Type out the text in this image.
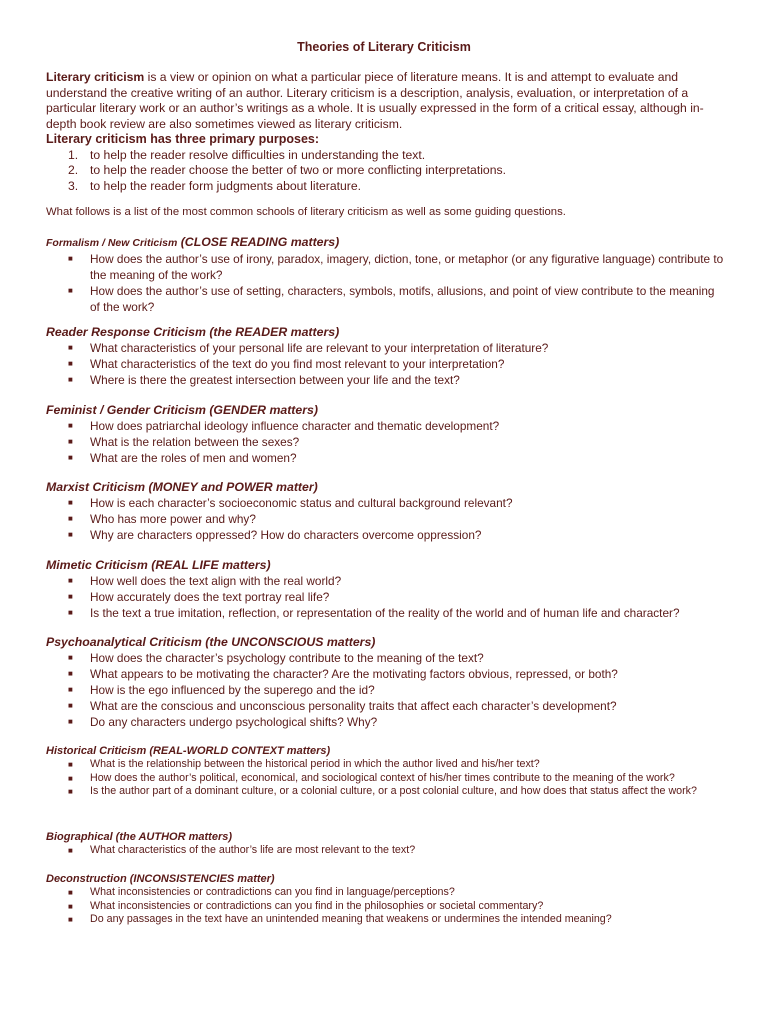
Theories of Literary Criticism
Literary criticism is a view or opinion on what a particular piece of literature means. It is and attempt to evaluate and understand the creative writing of an author. Literary criticism is a description, analysis, evaluation, or interpretation of a particular literary work or an author’s writings as a whole. It is usually expressed in the form of a critical essay, although in-depth book review are also sometimes viewed as literary criticism.
Literary criticism has three primary purposes:
1. to help the reader resolve difficulties in understanding the text.
2. to help the reader choose the better of two or more conflicting interpretations.
3. to help the reader form judgments about literature.
What follows is a list of the most common schools of literary criticism as well as some guiding questions.
Formalism / New Criticism (CLOSE READING matters)
■ How does the author’s use of irony, paradox, imagery, diction, tone, or metaphor (or any figurative language) contribute to the meaning of the work?
■ How does the author’s use of setting, characters, symbols, motifs, allusions, and point of view contribute to the meaning of the work?
Reader Response Criticism (the READER matters)
■ What characteristics of your personal life are relevant to your interpretation of literature?
■ What characteristics of the text do you find most relevant to your interpretation?
■ Where is there the greatest intersection between your life and the text?
Feminist / Gender Criticism (GENDER matters)
■ How does patriarchal ideology influence character and thematic development?
■ What is the relation between the sexes?
■ What are the roles of men and women?
Marxist Criticism (MONEY and POWER matter)
■ How is each character’s socioeconomic status and cultural background relevant?
■ Who has more power and why?
■ Why are characters oppressed? How do characters overcome oppression?
Mimetic Criticism (REAL LIFE matters)
■ How well does the text align with the real world?
■ How accurately does the text portray real life?
■ Is the text a true imitation, reflection, or representation of the reality of the world and of human life and character?
Psychoanalytical Criticism (the UNCONSCIOUS matters)
■ How does the character’s psychology contribute to the meaning of the text?
■ What appears to be motivating the character? Are the motivating factors obvious, repressed, or both?
■ How is the ego influenced by the superego and the id?
■ What are the conscious and unconscious personality traits that affect each character’s development?
■ Do any characters undergo psychological shifts? Why?
Historical Criticism (REAL-WORLD CONTEXT matters)
■ What is the relationship between the historical period in which the author lived and his/her text?
■ How does the author’s political, economical, and sociological context of his/her times contribute to the meaning of the work?
■ Is the author part of a dominant culture, or a colonial culture, or a post colonial culture, and how does that status affect the work?
Biographical (the AUTHOR matters)
■ What characteristics of the author’s life are most relevant to the text?
Deconstruction (INCONSISTENCIES matter)
■ What inconsistencies or contradictions can you find in language/perceptions?
■ What inconsistencies or contradictions can you find in the philosophies or societal commentary?
■ Do any passages in the text have an unintended meaning that weakens or undermines the intended meaning?
